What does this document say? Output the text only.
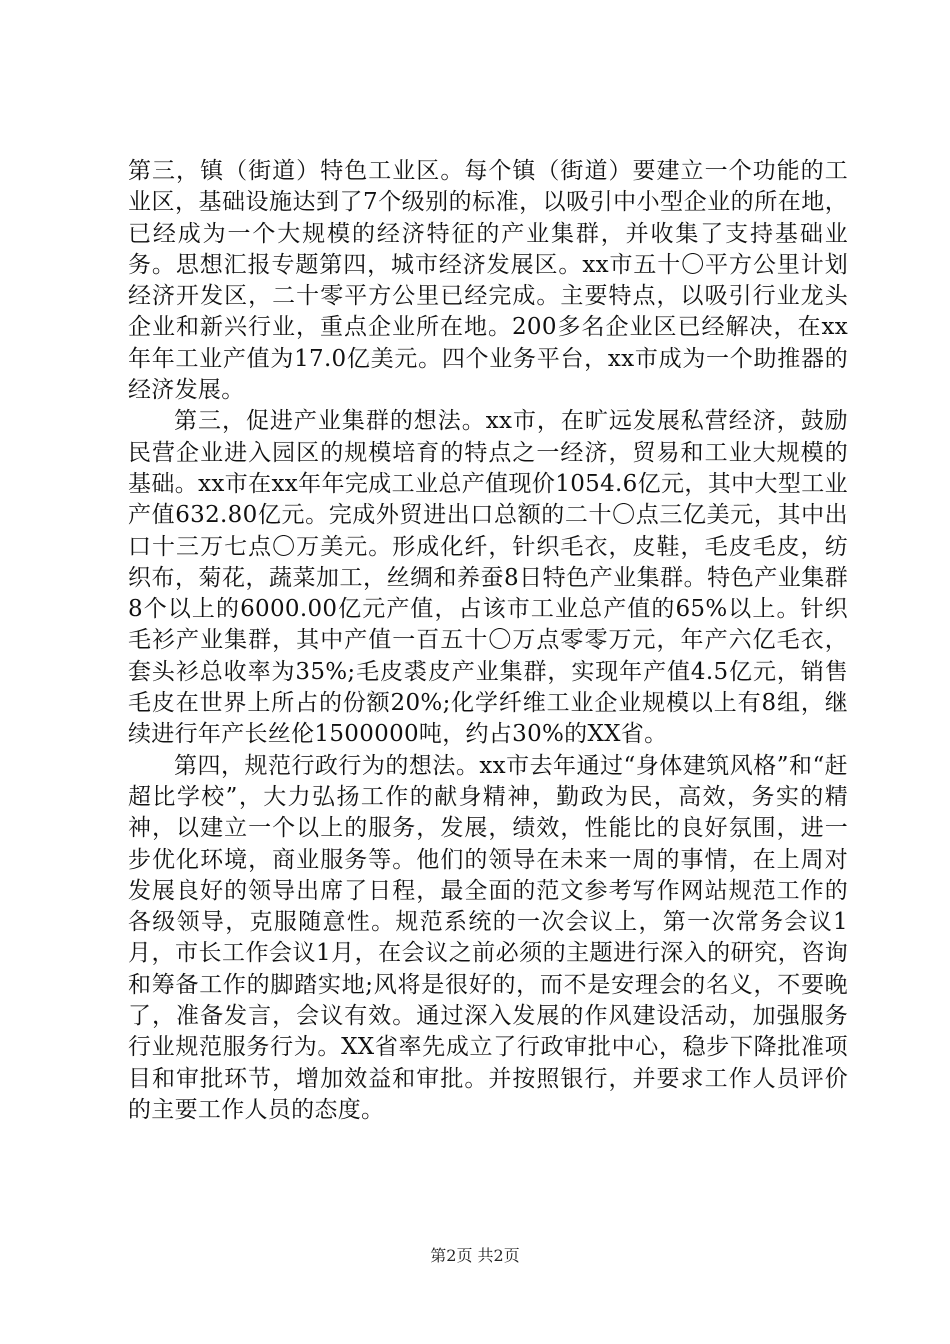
第三，镇（街道）特色工业区。每个镇（街道）要建立一个功能的工业区，基础设施达到了7个级别的标准，以吸引中小型企业的所在地，已经成为一个大规模的经济特征的产业集群，并收集了支持基础业务。思想汇报专题第四，城市经济发展区。xx市五十〇平方公里计划经济开发区，二十零平方公里已经完成。主要特点，以吸引行业龙头企业和新兴行业，重点企业所在地。200多名企业区已经解决，在xx年年工业产值为17.0亿美元。四个业务平台，xx市成为一个助推器的经济发展。

第三，促进产业集群的想法。xx市，在旷远发展私营经济，鼓励民营企业进入园区的规模培育的特点之一经济，贸易和工业大规模的基础。xx市在xx年年完成工业总产值现价1054.6亿元，其中大型工业产值632.80亿元。完成外贸进出口总额的二十〇点三亿美元，其中出口十三万七点〇万美元。形成化纤，针织毛衣，皮鞋，毛皮毛皮，纺织布，菊花，蔬菜加工，丝绸和养蚕8日特色产业集群。特色产业集群8个以上的6000.00亿元产值，占该市工业总产值的65%以上。针织毛衫产业集群，其中产值一百五十〇万点零零万元，年产六亿毛衣，套头衫总收率为35%;毛皮裘皮产业集群，实现年产值4.5亿元，销售毛皮在世界上所占的份额20%;化学纤维工业企业规模以上有8组，继续进行年产长丝伦1500000吨，约占30%的XX省。

第四，规范行政行为的想法。xx市去年通过“身体建筑风格”和“赶超比学校”，大力弘扬工作的献身精神，勤政为民，高效，务实的精神，以建立一个以上的服务，发展，绩效，性能比的良好氛围，进一步优化环境，商业服务等。他们的领导在未来一周的事情，在上周对发展良好的领导出席了日程，最全面的范文参考写作网站规范工作的各级领导，克服随意性。规范系统的一次会议上，第一次常务会议1月，市长工作会议1月，在会议之前必须的主题进行深入的研究，咨询和筹备工作的脚踏实地;风将是很好的，而不是安理会的名义，不要晚了，准备发言，会议有效。通过深入发展的作风建设活动，加强服务行业规范服务行为。XX省率先成立了行政审批中心，稳步下降批准项目和审批环节，增加效益和审批。并按照银行，并要求工作人员评价的主要工作人员的态度。

第2页 共2页
